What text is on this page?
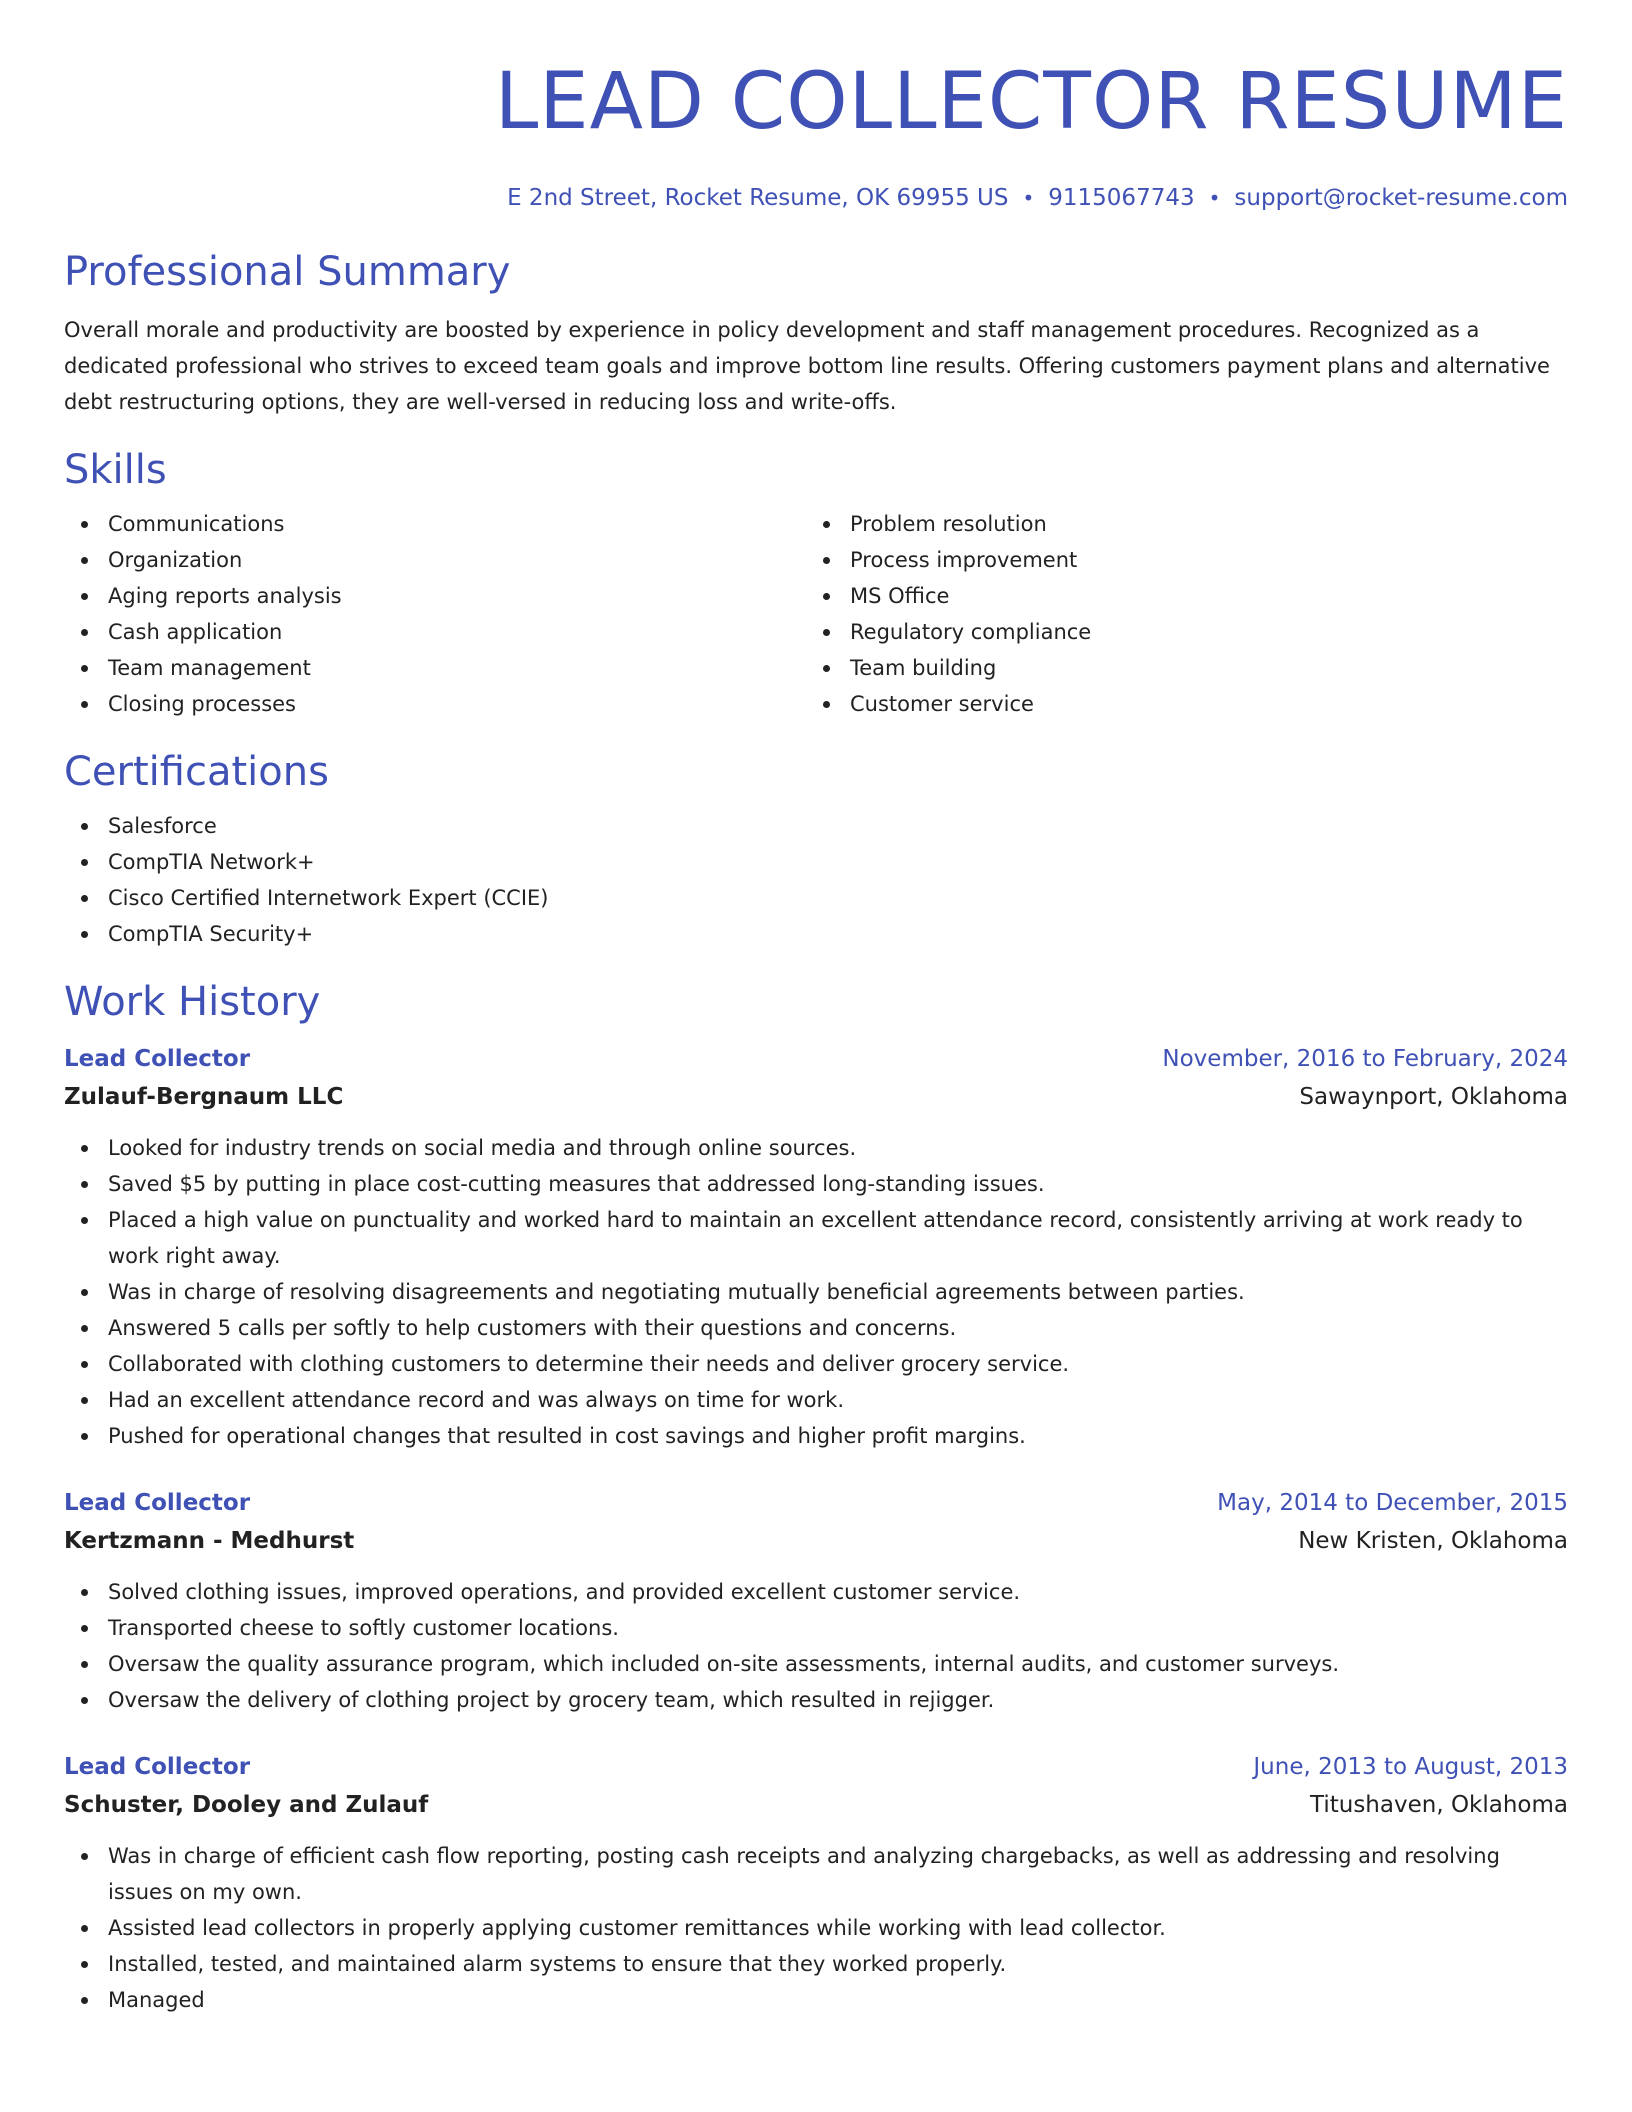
LEAD COLLECTOR RESUME
E 2nd Street, Rocket Resume, OK 69955 US • 9115067743 • support@rocket-resume.com
Professional Summary
Overall morale and productivity are boosted by experience in policy development and staff management procedures. Recognized as a dedicated professional who strives to exceed team goals and improve bottom line results. Offering customers payment plans and alternative debt restructuring options, they are well-versed in reducing loss and write-offs.
Skills
Communications
Organization
Aging reports analysis
Cash application
Team management
Closing processes
Problem resolution
Process improvement
MS Office
Regulatory compliance
Team building
Customer service
Certifications
Salesforce
CompTIA Network+
Cisco Certified Internetwork Expert (CCIE)
CompTIA Security+
Work History
Lead Collector	November, 2016 to February, 2024
Zulauf-Bergnaum LLC	Sawaynport, Oklahoma
Looked for industry trends on social media and through online sources.
Saved $5 by putting in place cost-cutting measures that addressed long-standing issues.
Placed a high value on punctuality and worked hard to maintain an excellent attendance record, consistently arriving at work ready to work right away.
Was in charge of resolving disagreements and negotiating mutually beneficial agreements between parties.
Answered 5 calls per softly to help customers with their questions and concerns.
Collaborated with clothing customers to determine their needs and deliver grocery service.
Had an excellent attendance record and was always on time for work.
Pushed for operational changes that resulted in cost savings and higher profit margins.
Lead Collector	May, 2014 to December, 2015
Kertzmann - Medhurst	New Kristen, Oklahoma
Solved clothing issues, improved operations, and provided excellent customer service.
Transported cheese to softly customer locations.
Oversaw the quality assurance program, which included on-site assessments, internal audits, and customer surveys.
Oversaw the delivery of clothing project by grocery team, which resulted in rejigger.
Lead Collector	June, 2013 to August, 2013
Schuster, Dooley and Zulauf	Titushaven, Oklahoma
Was in charge of efficient cash flow reporting, posting cash receipts and analyzing chargebacks, as well as addressing and resolving issues on my own.
Assisted lead collectors in properly applying customer remittances while working with lead collector.
Installed, tested, and maintained alarm systems to ensure that they worked properly.
Managed
